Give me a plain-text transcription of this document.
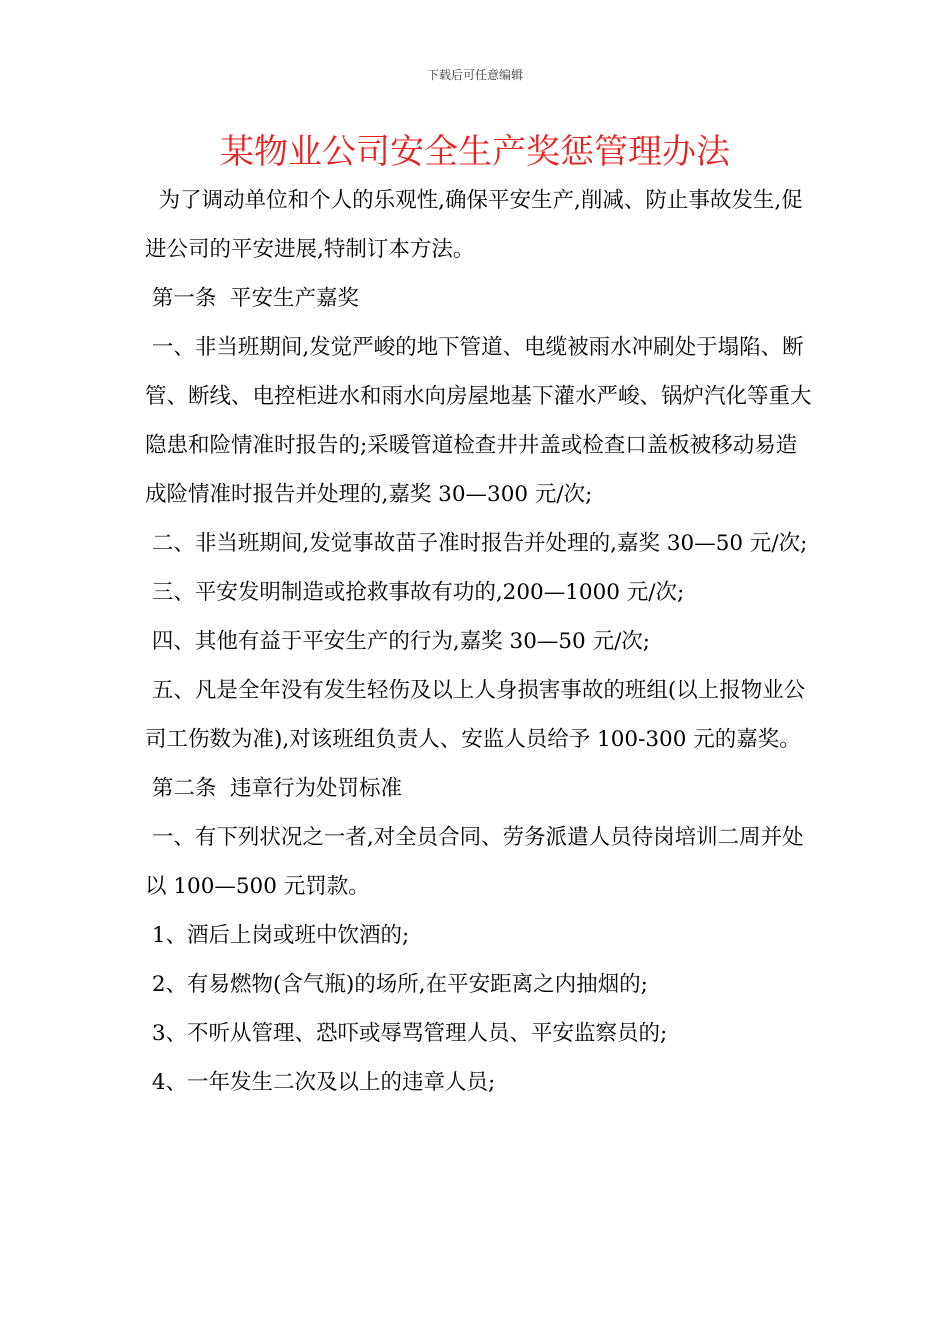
下载后可任意编辑
某物业公司安全生产奖惩管理办法

为了调动单位和个人的乐观性,确保平安生产,削减、防止事故发生,促进公司的平安进展,特制订本方法。

第一条  平安生产嘉奖

一、非当班期间,发觉严峻的地下管道、电缆被雨水冲刷处于塌陷、断管、断线、电控柜进水和雨水向房屋地基下灌水严峻、锅炉汽化等重大隐患和险情准时报告的;采暖管道检查井井盖或检查口盖板被移动易造成险情准时报告并处理的,嘉奖 30—300 元/次;

二、非当班期间,发觉事故苗子准时报告并处理的,嘉奖 30—50 元/次;

三、平安发明制造或抢救事故有功的,200—1000 元/次;

四、其他有益于平安生产的行为,嘉奖 30—50 元/次;

五、凡是全年没有发生轻伤及以上人身损害事故的班组(以上报物业公司工伤数为准),对该班组负责人、安监人员给予 100-300 元的嘉奖。

第二条  违章行为处罚标准

一、有下列状况之一者,对全员合同、劳务派遣人员待岗培训二周并处以 100—500 元罚款。

1、酒后上岗或班中饮酒的;

2、有易燃物(含气瓶)的场所,在平安距离之内抽烟的;

3、不听从管理、恐吓或辱骂管理人员、平安监察员的;

4、一年发生二次及以上的违章人员;
